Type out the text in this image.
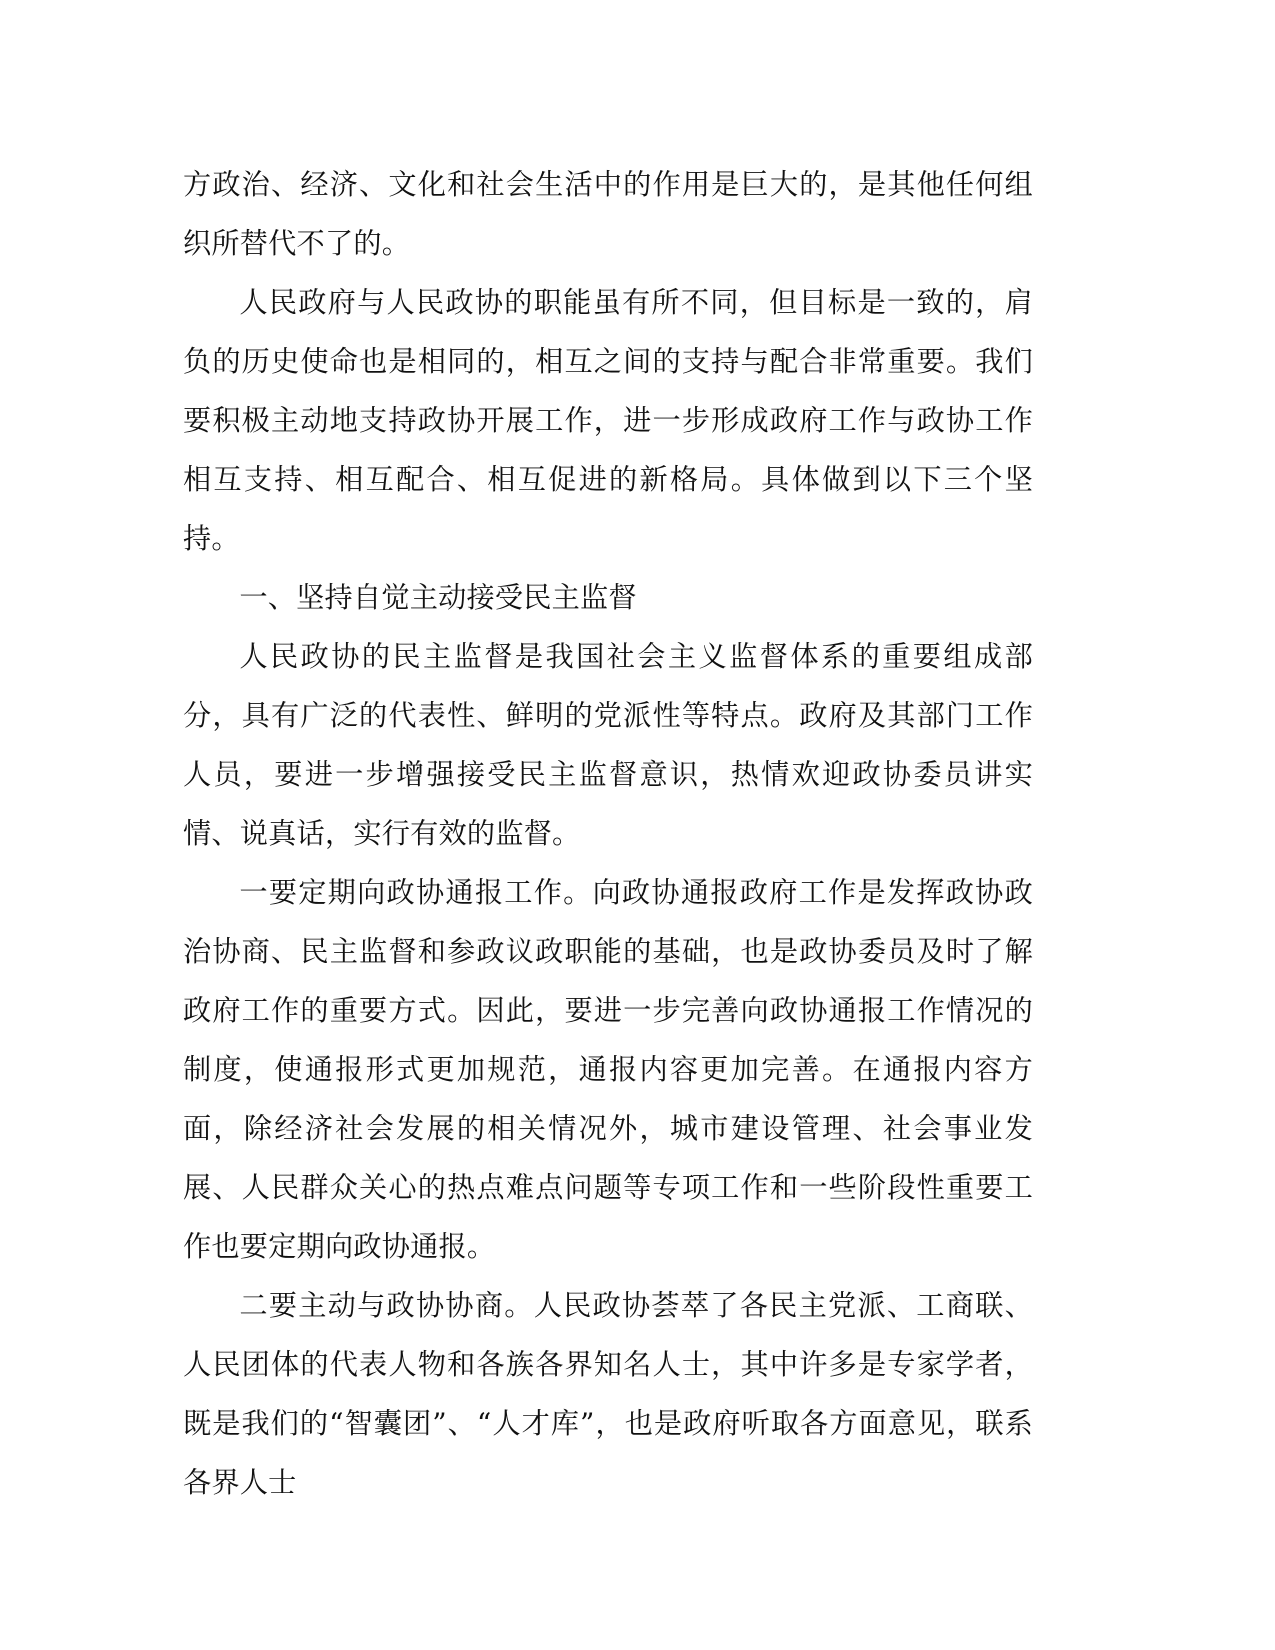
方政治、经济、文化和社会生活中的作用是巨大的，是其他任何组织所替代不了的。

人民政府与人民政协的职能虽有所不同，但目标是一致的，肩负的历史使命也是相同的，相互之间的支持与配合非常重要。我们要积极主动地支持政协开展工作，进一步形成政府工作与政协工作相互支持、相互配合、相互促进的新格局。具体做到以下三个坚持。

一、坚持自觉主动接受民主监督

人民政协的民主监督是我国社会主义监督体系的重要组成部分，具有广泛的代表性、鲜明的党派性等特点。政府及其部门工作人员，要进一步增强接受民主监督意识，热情欢迎政协委员讲实情、说真话，实行有效的监督。

一要定期向政协通报工作。向政协通报政府工作是发挥政协政治协商、民主监督和参政议政职能的基础，也是政协委员及时了解政府工作的重要方式。因此，要进一步完善向政协通报工作情况的制度，使通报形式更加规范，通报内容更加完善。在通报内容方面，除经济社会发展的相关情况外，城市建设管理、社会事业发展、人民群众关心的热点难点问题等专项工作和一些阶段性重要工作也要定期向政协通报。

二要主动与政协协商。人民政协荟萃了各民主党派、工商联、人民团体的代表人物和各族各界知名人士，其中许多是专家学者，既是我们的“智囊团”、“人才库”，也是政府听取各方面意见，联系各界人士
